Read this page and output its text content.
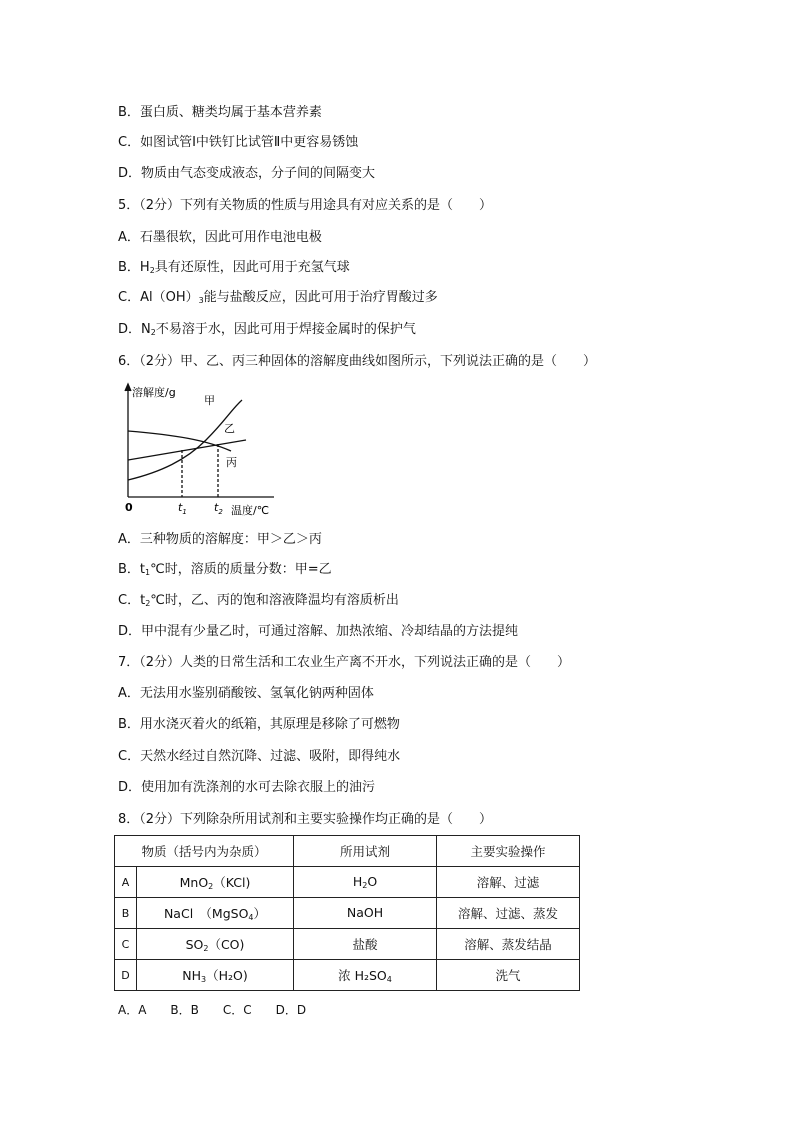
B．蛋白质、糖类均属于基本营养素
C．如图试管Ⅰ中铁钉比试管Ⅱ中更容易锈蚀
D．物质由气态变成液态，分子间的间隔变大
5．（2分）下列有关物质的性质与用途具有对应关系的是（　　）
A．石墨很软，因此可用作电池电极
B．$H_2$具有还原性，因此可用于充氢气球
C．$Al(OH)_3$能与盐酸反应，因此可用于治疗胃酸过多
D．$N_2$不易溶于水，因此可用于焊接金属时的保护气
6．（2分）甲、乙、丙三种固体的溶解度曲线如图所示，下列说法正确的是（　　）
溶解度/g
甲
乙
丙
0	$t_1$ $t_2$ 温度/℃
A．三种物质的溶解度：甲＞乙＞丙
B．$t_1℃$时，溶质的质量分数：甲=乙
C．$t_2℃$时，乙、丙的饱和溶液降温均有溶质析出
D．甲中混有少量乙时，可通过溶解、加热浓缩、冷却结晶的方法提纯
7．（2分）人类的日常生活和工农业生产离不开水，下列说法正确的是（　　）
A．无法用水鉴别硝酸铵、氢氧化钠两种固体
B．用水浇灭着火的纸箱，其原理是移除了可燃物
C．天然水经过自然沉降、过滤、吸附，即得纯水
D．使用加有洗涤剂的水可去除衣服上的油污
8．（2分）下列除杂所用试剂和主要实验操作均正确的是（　　）
物质（括号内为杂质）		所用试剂	主要实验操作
A	MnO$_2$（KCl)	$H_2O$	溶解、过滤
B	NaCl　（MgSO$_4$）	NaOH	溶解、过滤、蒸发
C	$SO_2(CO)$	盐酸	溶解、蒸发结晶
D	$NH_3(H_2O)$	浓 $H_2SO_4$	洗气
A．A　　B．B　　C．C　　D．D
